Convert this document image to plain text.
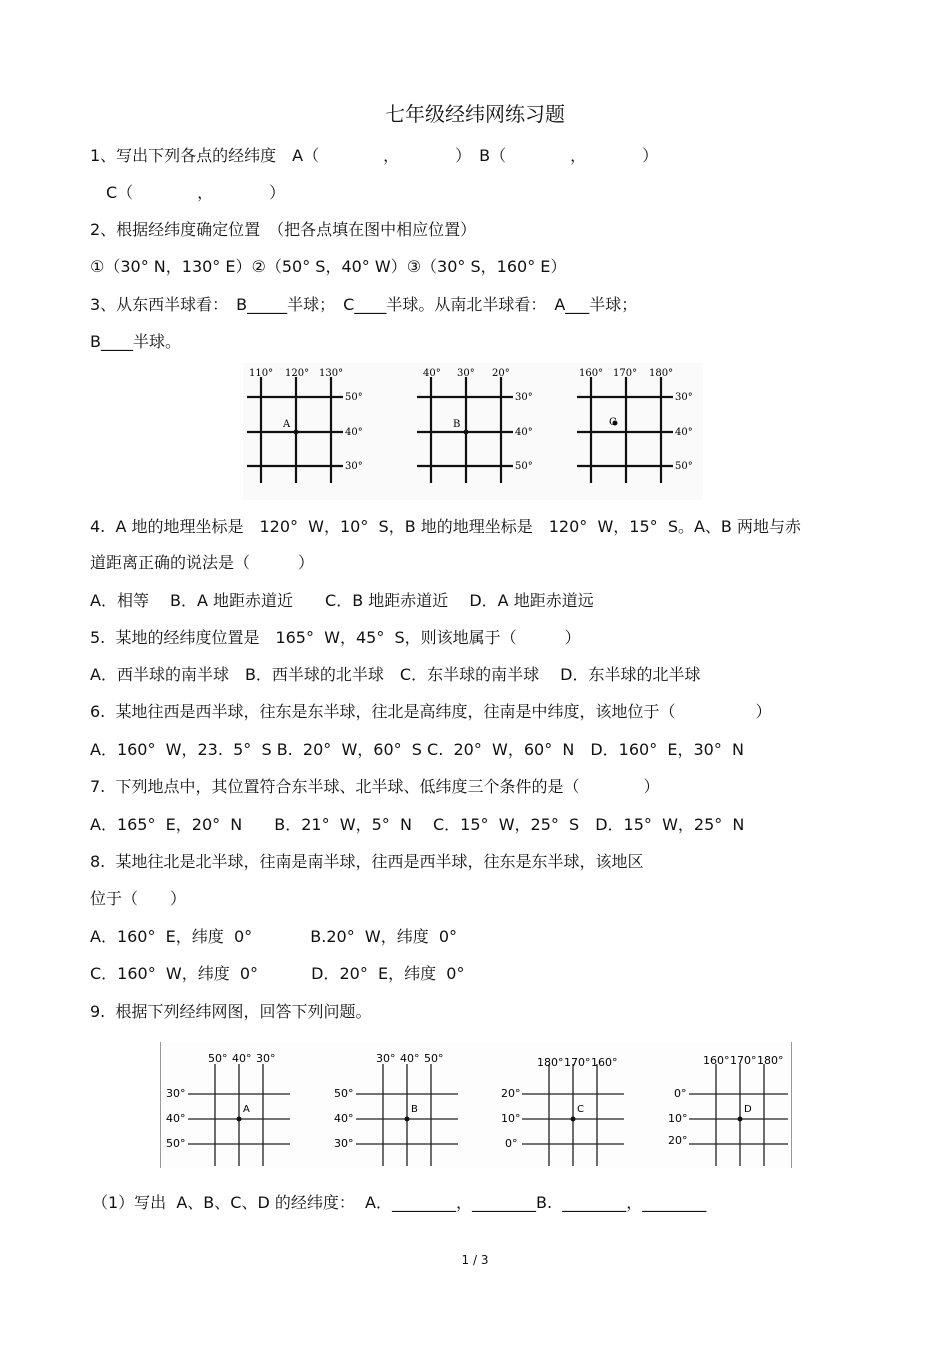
七年级经纬网练习题
1、写出下列各点的经纬度　A（　　　　，　　　　）　B（　　　　，　　　　）
　C（　　　　，　　　　）
2、根据经纬度确定位置　（把各点填在图中相应位置）
①（30° N，130° E）②（50° S，40° W）③（30° S，160° E）
3、从东西半球看：　B_____半球；　C____半球。从南北半球看：　A___半球；
B____半球。
A
110° 120° 130°
50°
40°
30°
B
40° 30° 20°
30°
40°
50°
C
160° 170° 180°
30°
40°
50°
4.  A 地的地理坐标是　120°  W，10°  S，B 地的地理坐标是　120°  W，15°  S。A、B 两地与赤
道距离正确的说法是（　　　）
A．相等　 B．A 地距赤道近　　C．B 地距赤道近　 D．A 地距赤道远
5.  某地的经纬度位置是　165°  W，45°  S，则该地属于（　　　）
A．西半球的南半球　B．西半球的北半球　C．东半球的南半球　 D．东半球的北半球
6.  某地往西是西半球，往东是东半球，往北是高纬度，往南是中纬度，该地位于（　　　　　）
A．160°  W，23.  5°  S B.  20°  W，60°  S C.  20°  W，60°  N　D．160°  E，30°  N
7.  下列地点中，其位置符合东半球、北半球、低纬度三个条件的是（　　　　）
A．165°  E，20°  N　　B．21°  W，5°  N　 C．15°  W，25°  S　D．15°  W，25°  N
8.  某地往北是北半球，往南是南半球，往西是西半球，往东是东半球，该地区
位于（　　）
A．160°  E，纬度  0°　　　  B.20°  W，纬度  0°
C．160°  W，纬度  0°　　　 D．20°  E，纬度  0°
9.  根据下列经纬网图，回答下列问题。
A
50° 40° 30°
30°
40°
50°
B
30° 40° 50°
50°
40°
30°
C
180° 170° 160°
20°
10°
0°
D
160° 170° 180°
0°
10°
20°
（1）写出  A、B、C、D 的经纬度：  A．________，________B.  ________，________
1 / 3
